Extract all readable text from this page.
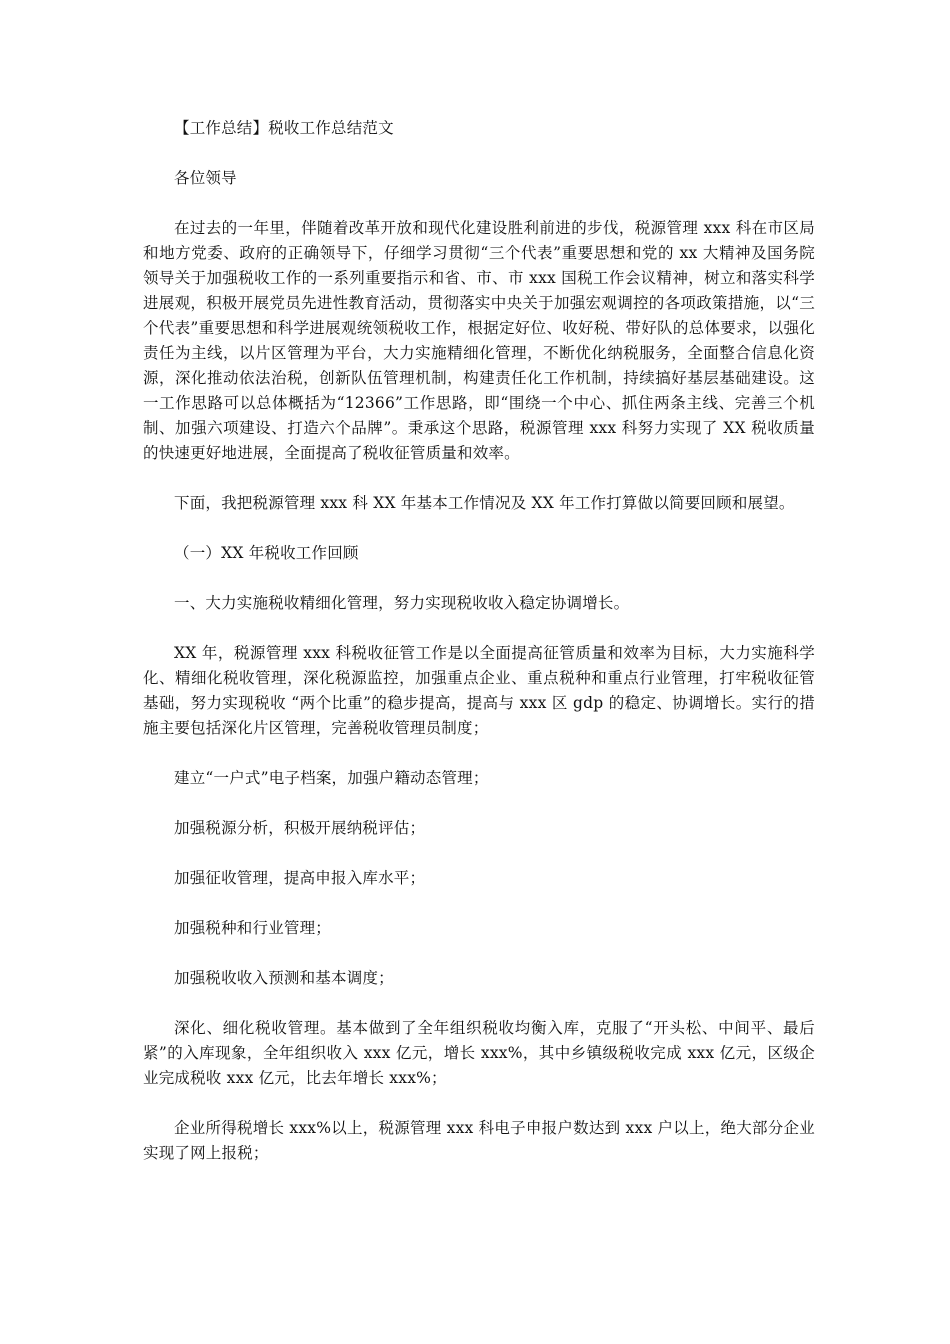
【工作总结】税收工作总结范文

各位领导

在过去的一年里，伴随着改革开放和现代化建设胜利前进的步伐，税源管理 xxx 科在市区局和地方党委、政府的正确领导下，仔细学习贯彻“三个代表”重要思想和党的 xx 大精神及国务院领导关于加强税收工作的一系列重要指示和省、市、市 xxx 国税工作会议精神，树立和落实科学进展观，积极开展党员先进性教育活动，贯彻落实中央关于加强宏观调控的各项政策措施，以“三个代表”重要思想和科学进展观统领税收工作，根据定好位、收好税、带好队的总体要求，以强化责任为主线，以片区管理为平台，大力实施精细化管理，不断优化纳税服务，全面整合信息化资源，深化推动依法治税，创新队伍管理机制，构建责任化工作机制，持续搞好基层基础建设。这一工作思路可以总体概括为“12366”工作思路，即“围绕一个中心、抓住两条主线、完善三个机制、加强六项建设、打造六个品牌”。秉承这个思路，税源管理 xxx 科努力实现了 XX 税收质量的快速更好地进展，全面提高了税收征管质量和效率。

下面，我把税源管理 xxx 科 XX 年基本工作情况及 XX 年工作打算做以简要回顾和展望。

（一）XX 年税收工作回顾

一、大力实施税收精细化管理，努力实现税收收入稳定协调增长。

XX 年，税源管理 xxx 科税收征管工作是以全面提高征管质量和效率为目标，大力实施科学化、精细化税收管理，深化税源监控，加强重点企业、重点税种和重点行业管理，打牢税收征管基础，努力实现税收 “两个比重”的稳步提高，提高与 xxx 区 gdp 的稳定、协调增长。实行的措施主要包括深化片区管理，完善税收管理员制度；

建立“一户式”电子档案，加强户籍动态管理；

加强税源分析，积极开展纳税评估；

加强征收管理，提高申报入库水平；

加强税种和行业管理；

加强税收收入预测和基本调度；

深化、细化税收管理。基本做到了全年组织税收均衡入库，克服了“开头松、中间平、最后紧”的入库现象，全年组织收入 xxx 亿元，增长 xxx%，其中乡镇级税收完成 xxx 亿元，区级企业完成税收 xxx 亿元，比去年增长 xxx%；

企业所得税增长 xxx%以上，税源管理 xxx 科电子申报户数达到 xxx 户以上，绝大部分企业实现了网上报税；
